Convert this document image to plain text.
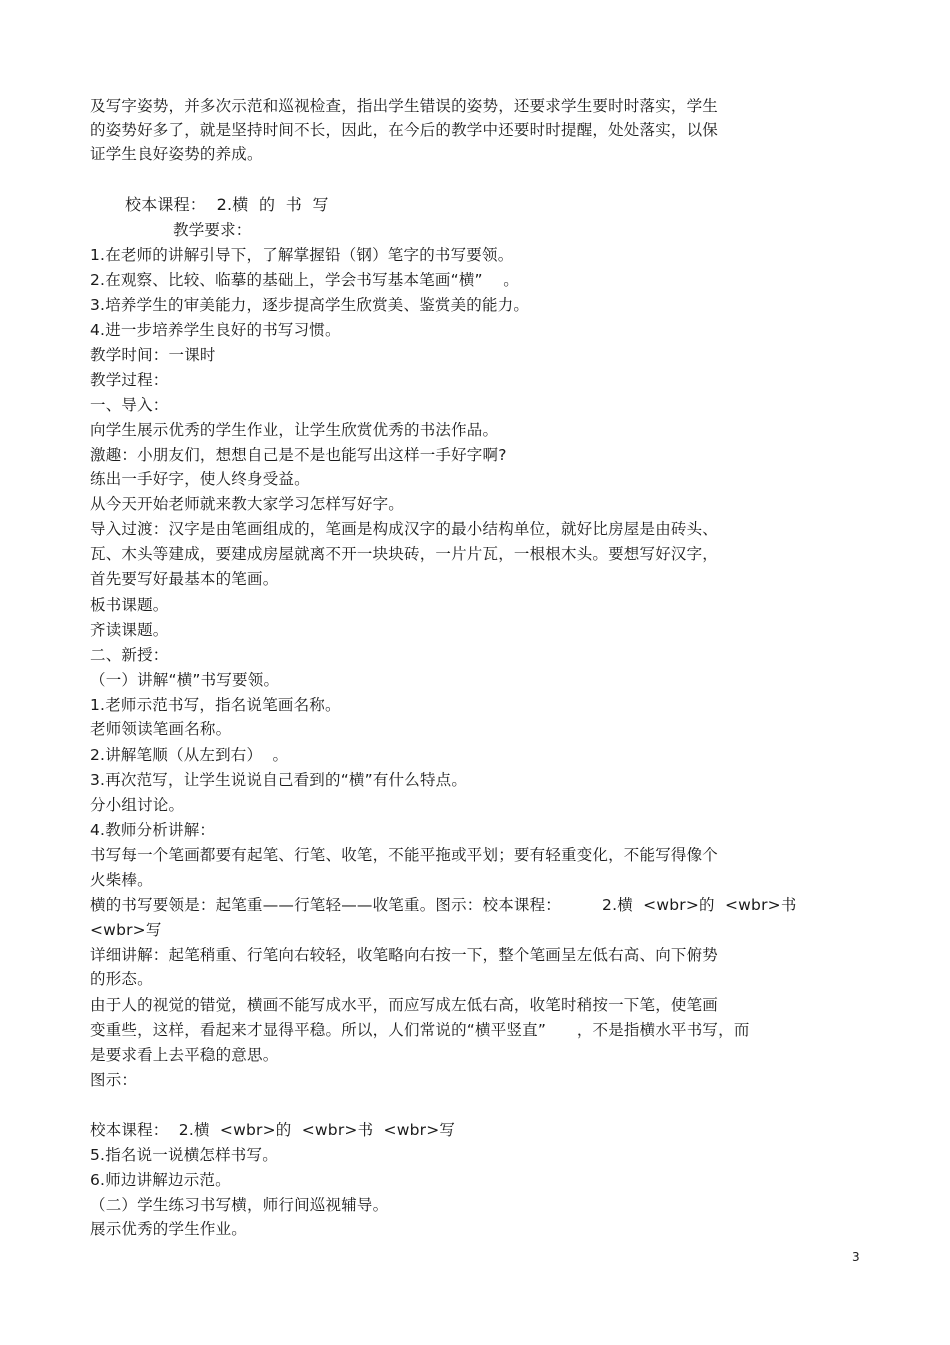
及写字姿势，并多次示范和巡视检查，指出学生错误的姿势，还要求学生要时时落实，学生
的姿势好多了，就是坚持时间不长，因此，在今后的教学中还要时时提醒，处处落实，以保
证学生良好姿势的养成。
校本课程：  2.横  的  书  写
教学要求：
1.在老师的讲解引导下，了解掌握铅（钢）笔字的书写要领。
2.在观察、比较、临摹的基础上，学会书写基本笔画“横”    。
3.培养学生的审美能力，逐步提高学生欣赏美、鉴赏美的能力。
4.进一步培养学生良好的书写习惯。
教学时间：一课时
教学过程：
一、导入：
向学生展示优秀的学生作业，让学生欣赏优秀的书法作品。
激趣：小朋友们，想想自己是不是也能写出这样一手好字啊?
练出一手好字，使人终身受益。
从今天开始老师就来教大家学习怎样写好字。
导入过渡：汉字是由笔画组成的，笔画是构成汉字的最小结构单位，就好比房屋是由砖头、
瓦、木头等建成，要建成房屋就离不开一块块砖，一片片瓦，一根根木头。要想写好汉字，
首先要写好最基本的笔画。
板书课题。
齐读课题。
二、新授：
（一）讲解“横”书写要领。
1.老师示范书写，指名说笔画名称。
老师领读笔画名称。
2.讲解笔顺（从左到右）  。
3.再次范写，让学生说说自己看到的“横”有什么特点。
分小组讨论。
4.教师分析讲解：
书写每一个笔画都要有起笔、行笔、收笔，不能平拖或平划；要有轻重变化，不能写得像个
火柴棒。
横的书写要领是：起笔重——行笔轻——收笔重。图示：校本课程：        2.横  <wbr>的  <wbr>书
<wbr>写
详细讲解：起笔稍重、行笔向右较轻，收笔略向右按一下，整个笔画呈左低右高、向下俯势
的形态。
由于人的视觉的错觉，横画不能写成水平，而应写成左低右高，收笔时稍按一下笔，使笔画
变重些，这样，看起来才显得平稳。所以，人们常说的“横平竖直”      ，不是指横水平书写，而
是要求看上去平稳的意思。
图示：
校本课程：  2.横  <wbr>的  <wbr>书  <wbr>写
5.指名说一说横怎样书写。
6.师边讲解边示范。
（二）学生练习书写横，师行间巡视辅导。
展示优秀的学生作业。
3
